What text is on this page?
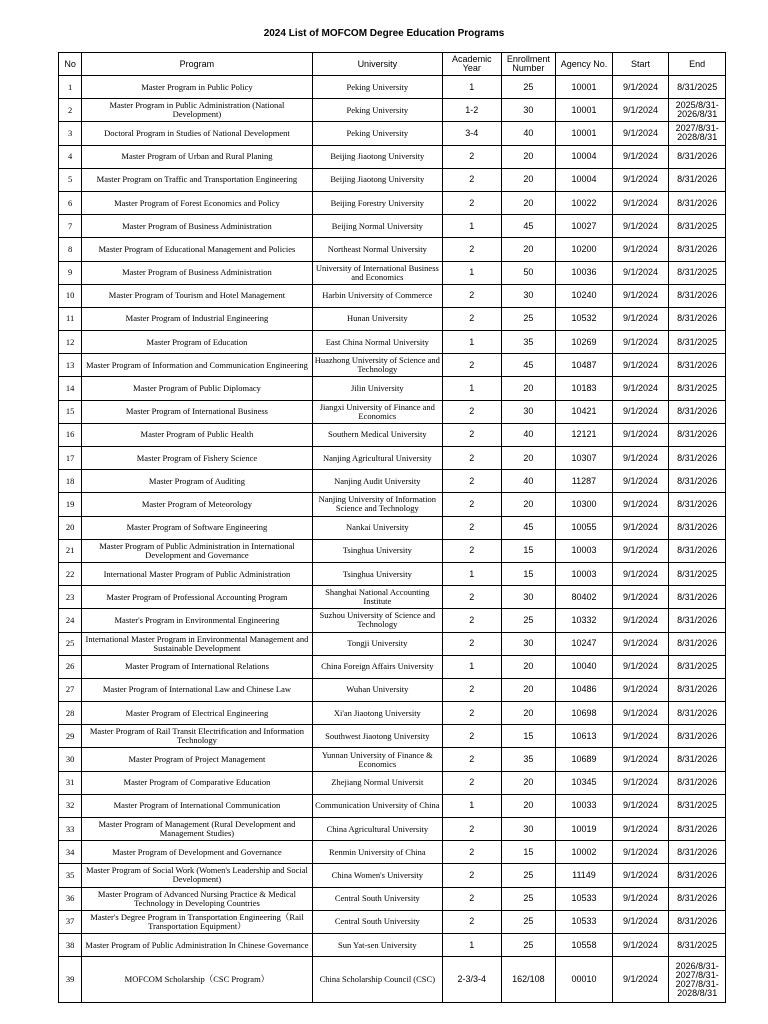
2024 List of MOFCOM Degree Education Programs
No	Program	University	Academic Year	Enrollment Number	Agency No.	Start	End
1	Master Program in Public Policy	Peking University	1	25	10001	9/1/2024	8/31/2025
2	Master Program in Public Administration (National Development)	Peking University	1-2	30	10001	9/1/2024	2025/8/31-2026/8/31
3	Doctoral Program in Studies of National Development	Peking University	3-4	40	10001	9/1/2024	2027/8/31-2028/8/31
4	Master Program of Urban and Rural Planing	Beijing Jiaotong University	2	20	10004	9/1/2024	8/31/2026
5	Master Program on Traffic and Transportation Engineering	Beijing Jiaotong University	2	20	10004	9/1/2024	8/31/2026
6	Master Program of Forest Economics and Policy	Beijing Forestry University	2	20	10022	9/1/2024	8/31/2026
7	Master Program of Business Administration	Beijing Normal University	1	45	10027	9/1/2024	8/31/2025
8	Master Program of Educational Management and Policies	Northeast Normal University	2	20	10200	9/1/2024	8/31/2026
9	Master Program of Business Administration	University of International Business and Economics	1	50	10036	9/1/2024	8/31/2025
10	Master Program of Tourism and Hotel Management	Harbin University of Commerce	2	30	10240	9/1/2024	8/31/2026
11	Master Program of Industrial Engineering	Hunan University	2	25	10532	9/1/2024	8/31/2026
12	Master Program of Education	East China Normal University	1	35	10269	9/1/2024	8/31/2025
13	Master Program of Information and Communication Engineering	Huazhong University of Science and Technology	2	45	10487	9/1/2024	8/31/2026
14	Master Program of Public Diplomacy	Jilin University	1	20	10183	9/1/2024	8/31/2025
15	Master Program of International Business	Jiangxi University of Finance and Economics	2	30	10421	9/1/2024	8/31/2026
16	Master Program of Public Health	Southern Medical University	2	40	12121	9/1/2024	8/31/2026
17	Master Program of Fishery Science	Nanjing Agricultural University	2	20	10307	9/1/2024	8/31/2026
18	Master Program of Auditing	Nanjing Audit University	2	40	11287	9/1/2024	8/31/2026
19	Master Program of Meteorology	Nanjing University of Information Science and Technology	2	20	10300	9/1/2024	8/31/2026
20	Master Program of Software Engineering	Nankai University	2	45	10055	9/1/2024	8/31/2026
21	Master Program of Public Administration in International Development and Governance	Tsinghua University	2	15	10003	9/1/2024	8/31/2026
22	International Master Program of Public Administration	Tsinghua University	1	15	10003	9/1/2024	8/31/2025
23	Master Program of Professional Accounting Program	Shanghai National Accounting Institute	2	30	80402	9/1/2024	8/31/2026
24	Master's Program in Environmental Engineering	Suzhou University of Science and Technology	2	25	10332	9/1/2024	8/31/2026
25	International Master Program in Environmental Management and Sustainable Development	Tongji University	2	30	10247	9/1/2024	8/31/2026
26	Master Program of International Relations	China Foreign Affairs University	1	20	10040	9/1/2024	8/31/2025
27	Master Program of International Law and Chinese Law	Wuhan University	2	20	10486	9/1/2024	8/31/2026
28	Master Program of Electrical Engineering	Xi'an Jiaotong University	2	20	10698	9/1/2024	8/31/2026
29	Master Program of Rail Transit Electrification and Information Technology	Southwest Jiaotong University	2	15	10613	9/1/2024	8/31/2026
30	Master Program of Project Management	Yunnan University of Finance & Economics	2	35	10689	9/1/2024	8/31/2026
31	Master Program of Comparative Education	Zhejiang Normal Universit	2	20	10345	9/1/2024	8/31/2026
32	Master Program of International Communication	Communication University of China	1	20	10033	9/1/2024	8/31/2025
33	Master Program of Management (Rural Development and Management Studies)	China Agricultural University	2	30	10019	9/1/2024	8/31/2026
34	Master Program of Development and Governance	Renmin University of China	2	15	10002	9/1/2024	8/31/2026
35	Master Program of Social Work (Women's Leadership and Social Development)	China Women's University	2	25	11149	9/1/2024	8/31/2026
36	Master Program of Advanced Nursing Practice & Medical Technology in Developing Countries	Central South University	2	25	10533	9/1/2024	8/31/2026
37	Master's Degree Program in Transportation Engineering（Rail Transportation Equipment）	Central South University	2	25	10533	9/1/2024	8/31/2026
38	Master Program of Public Administration In Chinese Governance	Sun Yat-sen University	1	25	10558	9/1/2024	8/31/2025
39	MOFCOM Scholarship（CSC Program）	China Scholarship Council (CSC)	2-3/3-4	162/108	00010	9/1/2024	2026/8/31-2027/8/31-2027/8/31-2028/8/31
